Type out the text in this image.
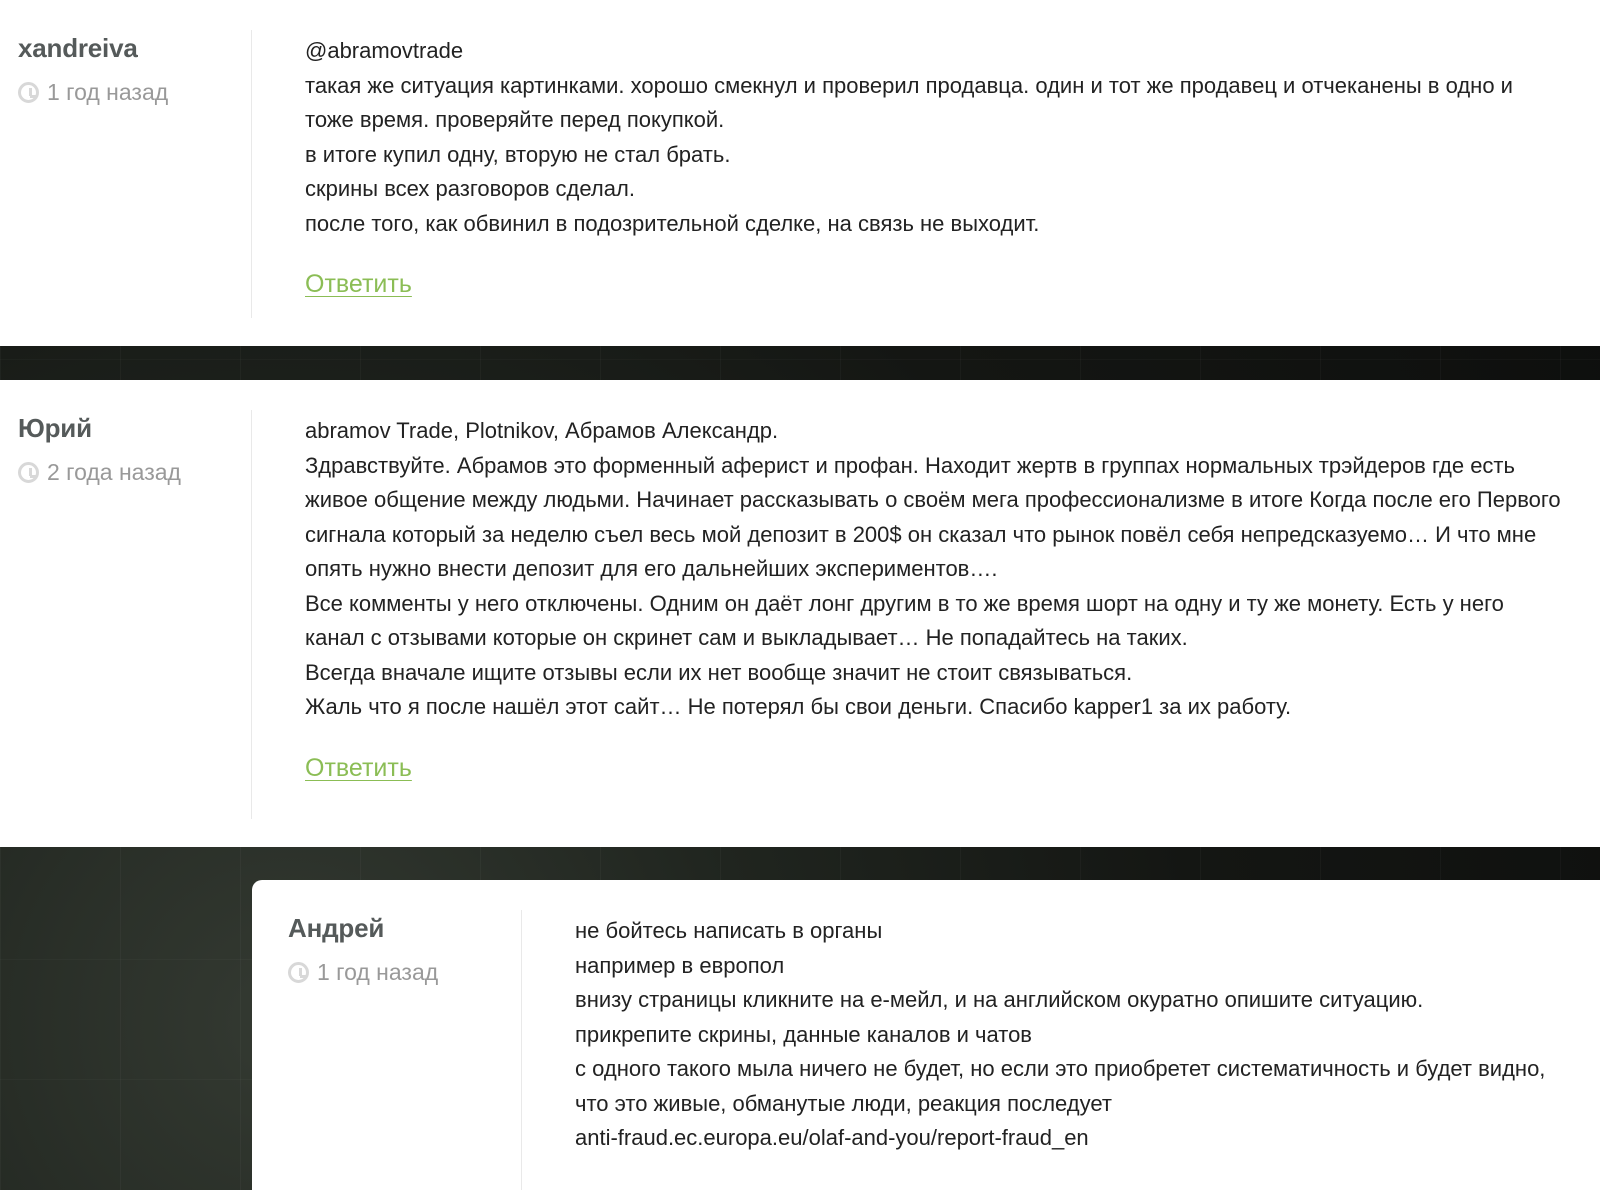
xandreiva
1 год назад

@abramovtrade

такая же ситуация картинками. хорошо смекнул и проверил продавца. один и тот же продавец и отчеканены в одно и тоже время. проверяйте перед покупкой.

в итоге купил одну, вторую не стал брать.

скрины всех разговоров сделал.

после того, как обвинил в подозрительной сделке, на связь не выходит.

Ответить
Юрий
2 года назад

abramov Trade, Plotnikov, Абрамов Александр.

Здравствуйте. Абрамов это форменный аферист и профан. Находит жертв в группах нормальных трэйдеров где есть живое общение между людьми. Начинает рассказывать о своём мега профессионализме в итоге Когда после его Первого сигнала который за неделю съел весь мой депозит в 200$ он сказал что рынок повёл себя непредсказуемо… И что мне опять нужно внести депозит для его дальнейших экспериментов….

Все комменты у него отключены. Одним он даёт лонг другим в то же время шорт на одну и ту же монету. Есть у него канал с отзывами которые он скринет сам и выкладывает… Не попадайтесь на таких.

Всегда вначале ищите отзывы если их нет вообще значит не стоит связываться.

Жаль что я после нашёл этот сайт… Не потерял бы свои деньги. Спасибо kapper1 за их работу.

Ответить
Андрей
1 год назад

не бойтесь написать в органы

например в европол

внизу страницы кликните на е-мейл, и на английском окуратно опишите ситуацию.

прикрепите скрины, данные каналов и чатов

с одного такого мыла ничего не будет, но если это приобретет систематичность и будет видно, что это живые, обманутые люди, реакция последует

anti-fraud.ec.europa.eu/olaf-and-you/report-fraud_en
